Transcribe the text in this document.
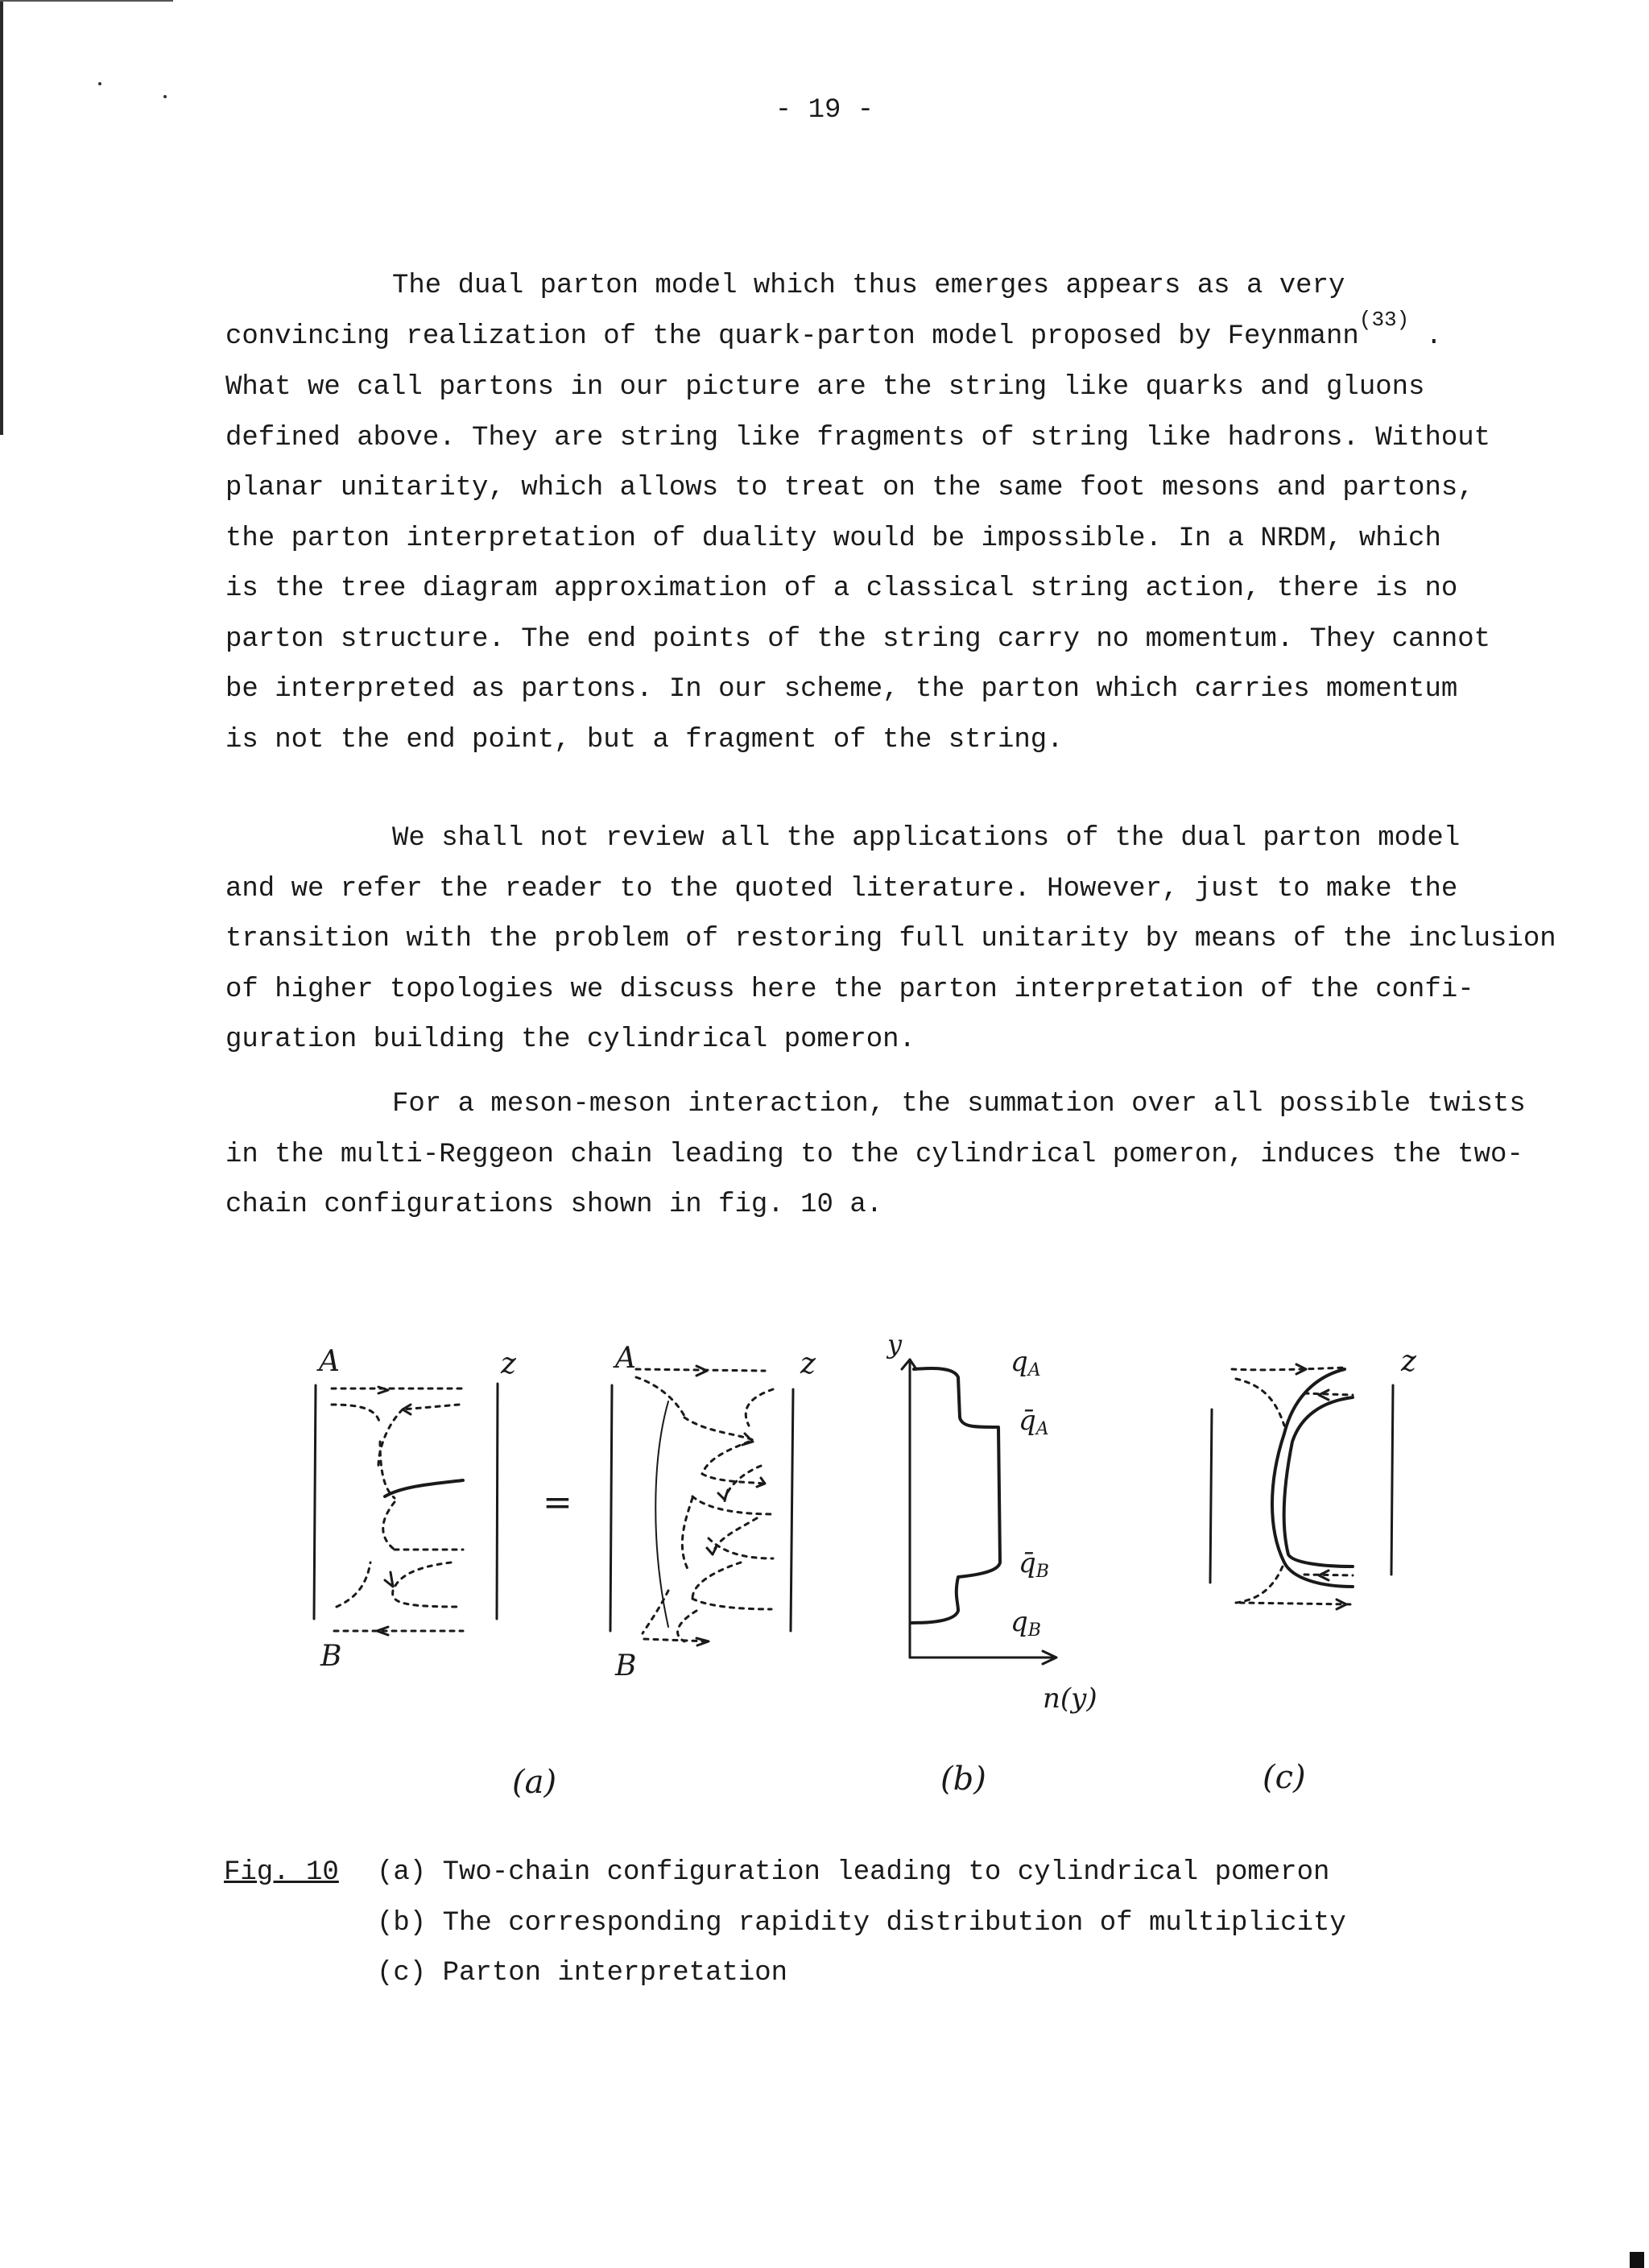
- 19 -
The dual parton model which thus emerges appears as a very
convincing realization of the quark-parton model proposed by Feynmann$^{(33)}$ .
What we call partons in our picture are the string like quarks and gluons
defined above. They are string like fragments of string like hadrons. Without
planar unitarity, which allows to treat on the same foot mesons and partons,
the parton interpretation of duality would be impossible. In a NRDM, which
is the tree diagram approximation of a classical string action, there is no
parton structure. The end points of the string carry no momentum. They cannot
be interpreted as partons. In our scheme, the parton which carries momentum
is not the end point, but a fragment of the string.
We shall not review all the applications of the dual parton model
and we refer the reader to the quoted literature. However, just to make the
transition with the problem of restoring full unitarity by means of the inclusion
of higher topologies we discuss here the parton interpretation of the confi-
guration building the cylindrical pomeron.
For a meson-meson interaction, the summation over all possible twists
in the multi-Reggeon chain leading to the cylindrical pomeron, induces the two-
chain configurations shown in fig. 10 a.
A
B
z
=
A
B
z
y
n(y)
qA
q̄A
q̄B
qB
z
(a)	(b)	(c)
Fig. 10 (a) Two-chain configuration leading to cylindrical pomeron
(b) The corresponding rapidity distribution of multiplicity
(c) Parton interpretation
